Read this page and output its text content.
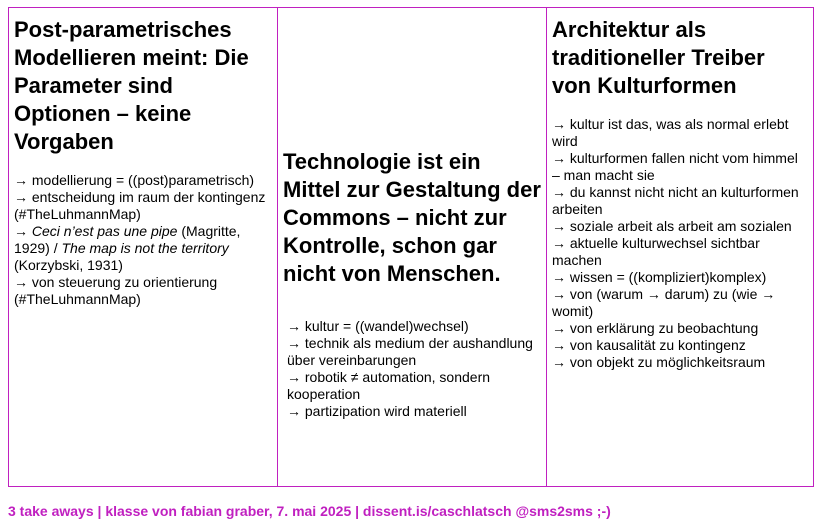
Post-parametrisches Modellieren meint: Die Parameter sind Optionen – keine Vorgaben
→ modellierung = ((post)parametrisch)
→ entscheidung im raum der kontingenz (#TheLuhmannMap)
→ Ceci n’est pas une pipe (Magritte, 1929) / The map is not the territory (Korzybski, 1931)
→ von steuerung zu orientierung (#TheLuhmannMap)
Technologie ist ein Mittel zur Gestaltung der Commons – nicht zur Kontrolle, schon gar nicht von Menschen.
→ kultur = ((wandel)wechsel)
→ technik als medium der aushandlung über vereinbarungen
→ robotik ≠ automation, sondern kooperation
→ partizipation wird materiell
Architektur als traditioneller Treiber von Kulturformen
→ kultur ist das, was als normal erlebt wird
→ kulturformen fallen nicht vom himmel – man macht sie
→ du kannst nicht nicht an kulturformen arbeiten
→ soziale arbeit als arbeit am sozialen
→ aktuelle kulturwechsel sichtbar machen
→ wissen = ((kompliziert)komplex)
→ von (warum → darum) zu (wie → womit)
→ von erklärung zu beobachtung
→ von kausalität zu kontingenz
→ von objekt zu möglichkeitsraum
3 take aways | klasse von fabian graber, 7. mai 2025 | dissent.is/caschlatsch @sms2sms ;-)
